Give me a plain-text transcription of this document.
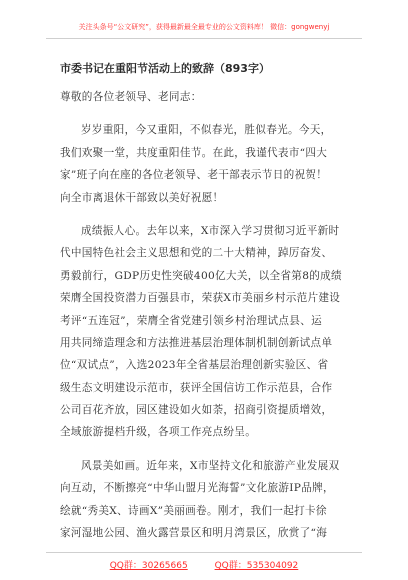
关注头条号“公文研究”，获得最新最全最专业的公文资料库！ 微信：gongwenyj
市委书记在重阳节活动上的致辞（893字）
尊敬的各位老领导、老同志：
岁岁重阳，今又重阳，不似春光，胜似春光。今天，
我们欢聚一堂，共度重阳佳节。在此，我谨代表市“四大
家”班子向在座的各位老领导、老干部表示节日的祝贺！
向全市离退休干部致以美好祝愿！
成绩振人心。去年以来，X市深入学习贯彻习近平新时
代中国特色社会主义思想和党的二十大精神，踔厉奋发、
勇毅前行，GDP历史性突破400亿大关，以全省第8的成绩
荣膺全国投资潜力百强县市，荣获X市美丽乡村示范片建设
考评“五连冠”，荣膺全省党建引领乡村治理试点县、运
用共同缔造理念和方法推进基层治理体制机制创新试点单
位“双试点”，入选2023年全省基层治理创新实验区、省
级生态文明建设示范市，获评全国信访工作示范县，合作
公司百花齐放，园区建设如火如荼，招商引资提质增效，
全域旅游提档升级，各项工作亮点纷呈。
风景美如画。近年来，X市坚持文化和旅游产业发展双
向互动，不断擦亮“中华山盟月光海誓”文化旅游IP品牌，
绘就“秀美X、诗画X”美丽画卷。刚才，我们一起打卡徐
家河湿地公园、渔火露营景区和明月湾景区，欣赏了“海
QQ群：30265665	QQ群：535304092
